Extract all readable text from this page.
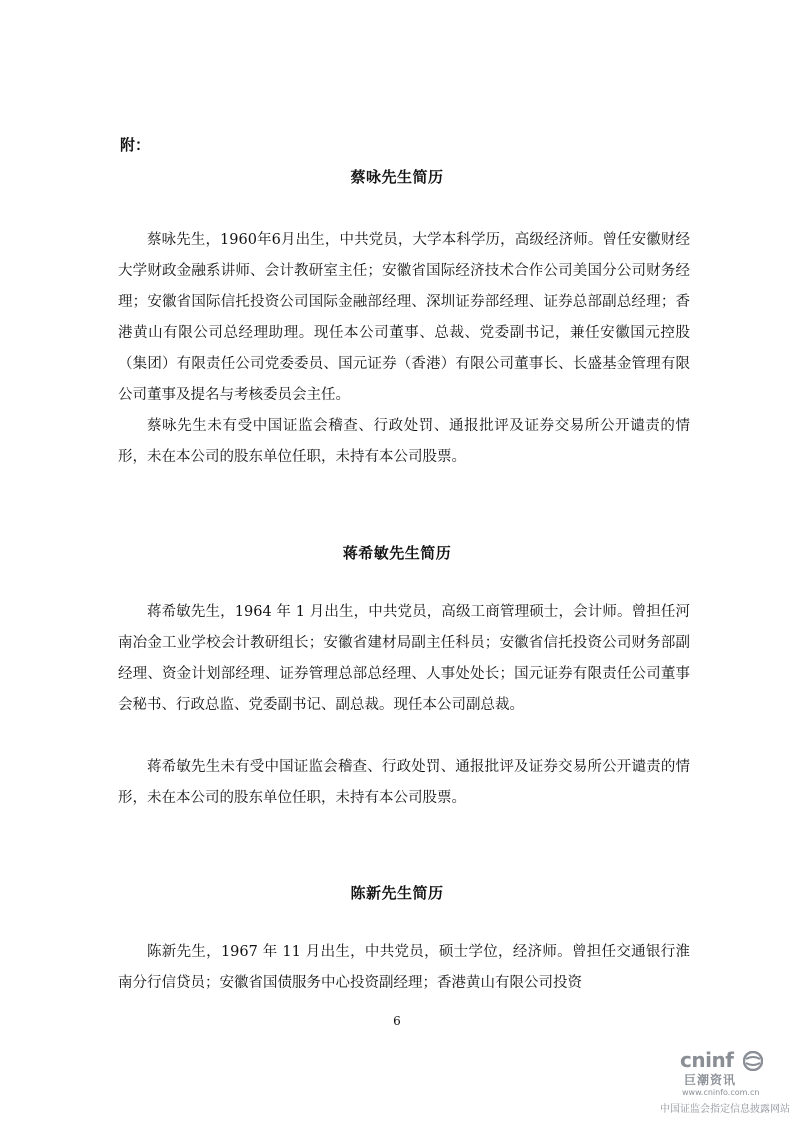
附：
蔡咏先生简历

蔡咏先生，1960年6月出生，中共党员，大学本科学历，高级经济师。曾任安徽财经大学财政金融系讲师、会计教研室主任；安徽省国际经济技术合作公司美国分公司财务经理；安徽省国际信托投资公司国际金融部经理、深圳证券部经理、证券总部副总经理；香港黄山有限公司总经理助理。现任本公司董事、总裁、党委副书记，兼任安徽国元控股（集团）有限责任公司党委委员、国元证券（香港）有限公司董事长、长盛基金管理有限公司董事及提名与考核委员会主任。

蔡咏先生未有受中国证监会稽查、行政处罚、通报批评及证券交易所公开谴责的情形，未在本公司的股东单位任职，未持有本公司股票。

蒋希敏先生简历

蒋希敏先生，1964 年 1 月出生，中共党员，高级工商管理硕士，会计师。曾担任河南冶金工业学校会计教研组长；安徽省建材局副主任科员；安徽省信托投资公司财务部副经理、资金计划部经理、证券管理总部总经理、人事处处长；国元证券有限责任公司董事会秘书、行政总监、党委副书记、副总裁。现任本公司副总裁。

蒋希敏先生未有受中国证监会稽查、行政处罚、通报批评及证券交易所公开谴责的情形，未在本公司的股东单位任职，未持有本公司股票。

陈新先生简历

陈新先生，1967 年 11 月出生，中共党员，硕士学位，经济师。曾担任交通银行淮南分行信贷员；安徽省国债服务中心投资副经理；香港黄山有限公司投资

6
cninf
巨潮资讯
www.cninfo.com.cn
中国证监会指定信息披露网站
